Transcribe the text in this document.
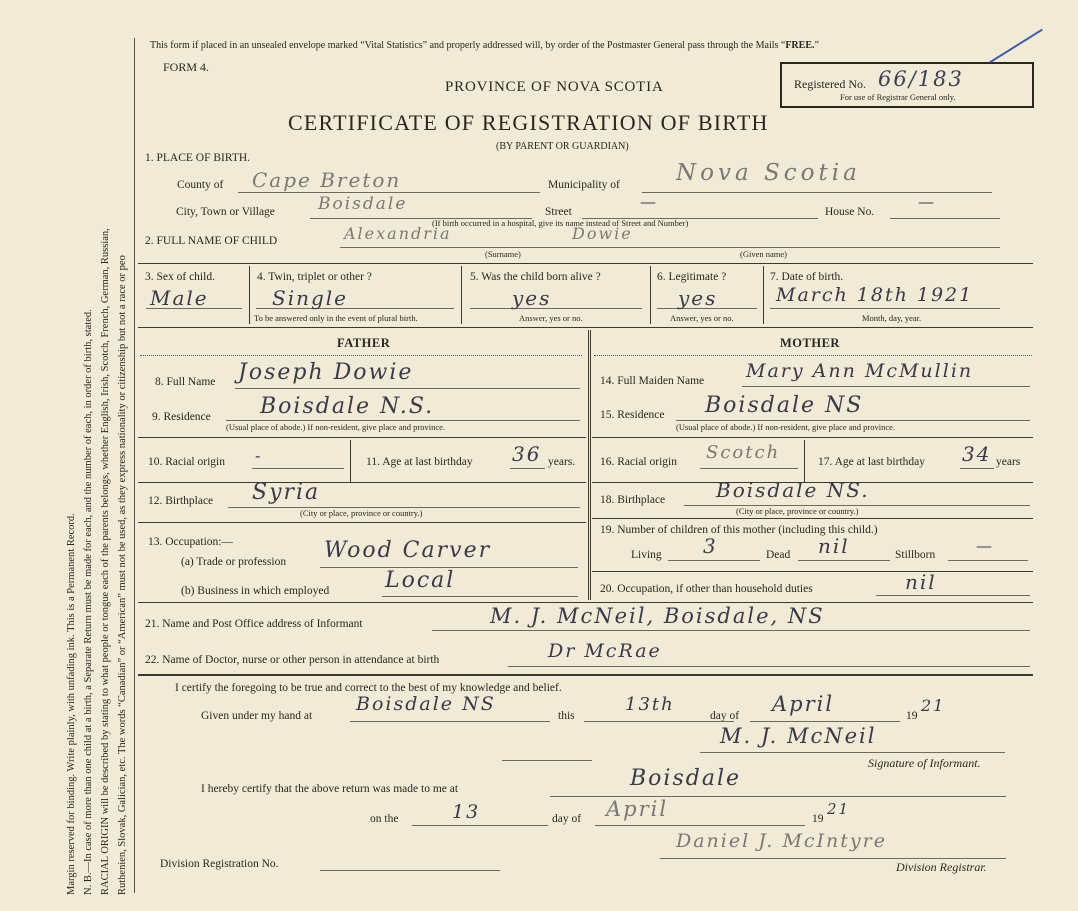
Margin reserved for binding. Write plainly, with unfading ink. This is a Permanent Record. N. B.—In case of more than one child at a birth, a Separate Return must be made for each, and the number of each, in order of birth, stated. RACIAL ORIGIN will be described by stating to what people or tongue each of the parents belongs, whether English, Irish, Scotch, French, German, Russian, Ruthenien, Slovak, Galician, etc. The words “Canadian” or “American” must not be used, as they express nationality or citizenship but not a race or peo
This form if placed in an unsealed envelope marked “Vital Statistics” and properly addressed will, by order of the Postmaster General pass through the Mails “FREE.”
FORM 4.
PROVINCE OF NOVA SCOTIA
CERTIFICATE OF REGISTRATION OF BIRTH
(BY PARENT OR GUARDIAN)
Registered No. 66/183
For use of Registrar General only.
1. PLACE OF BIRTH.
County of Cape Breton	Municipality of Nova Scotia
City, Town or Village	Boisdale	Street
—
House No.
—
(If birth occurred in a hospital, give its name instead of Street and Number)
2. FULL NAME OF CHILD	Alexandria	Dowie
(Surname)	(Given name)
3. Sex of child.
Male
4. Twin, triplet or other ?
Single
To be answered only in the event of plural birth.
5. Was the child born alive ?
yes
Answer, yes or no.
6. Legitimate ?
yes
Answer, yes or no.
7. Date of birth.
March 18th 1921
Month, day, year.
FATHER
8. Full Name Joseph Dowie
9. Residence Boisdale N.S.
(Usual place of abode.) If non-resident, give place and province.
10. Racial origin -	11. Age at last birthday 36 years.
12. Birthplace Syria
(City or place, province or country.)
13. Occupation:—
(a) Trade or profession Wood Carver
(b) Business in which employed	Local
MOTHER
14. Full Maiden Name Mary Ann McMullin
15. Residence Boisdale NS
(Usual place of abode.) If non-resident, give place and province.
16. Racial origin Scotch	17. Age at last birthday 34 years
18. Birthplace	Boisdale NS.
(City or place, province or country.)
19. Number of children of this mother (including this child.)
Living 3	Dead nil	Stillborn	—
20. Occupation, if other than household duties	nil
21. Name and Post Office address of Informant	M. J. McNeil, Boisdale, NS
22. Name of Doctor, nurse or other person in attendance at birth	Dr McRae
I certify the foregoing to be true and correct to the best of my knowledge and belief.
Given under my hand at
Boisdale NS
this
13th
day of April	19
21
M. J. McNeil
Signature of Informant.
I hereby certify that the above return was made to me at	Boisdale
on the	13	day of April	19
21
Daniel J. McIntyre
Division Registration No.	Division Registrar.
